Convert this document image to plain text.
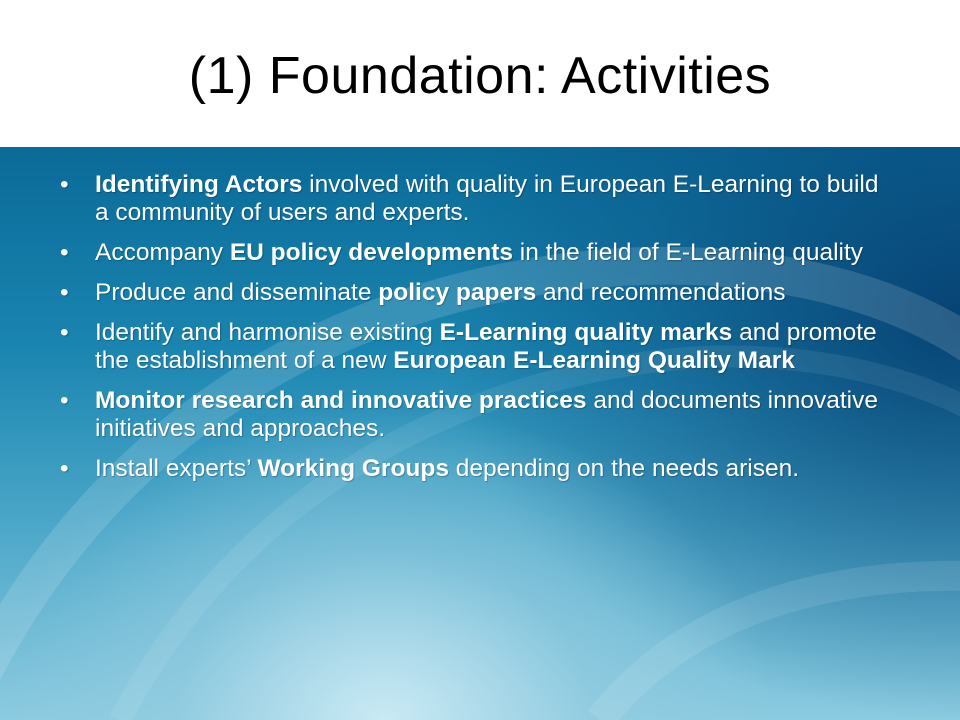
(1) Foundation: Activities
• Identifying Actors involved with quality in European E-Learning to build a community of users and experts.
• Accompany EU policy developments in the field of E-Learning quality
• Produce and disseminate policy papers and recommendations
• Identify and harmonise existing E-Learning quality marks and promote the establishment of a new European E-Learning Quality Mark
• Monitor research and innovative practices and documents innovative initiatives and approaches.
• Install experts’ Working Groups depending on the needs arisen.
